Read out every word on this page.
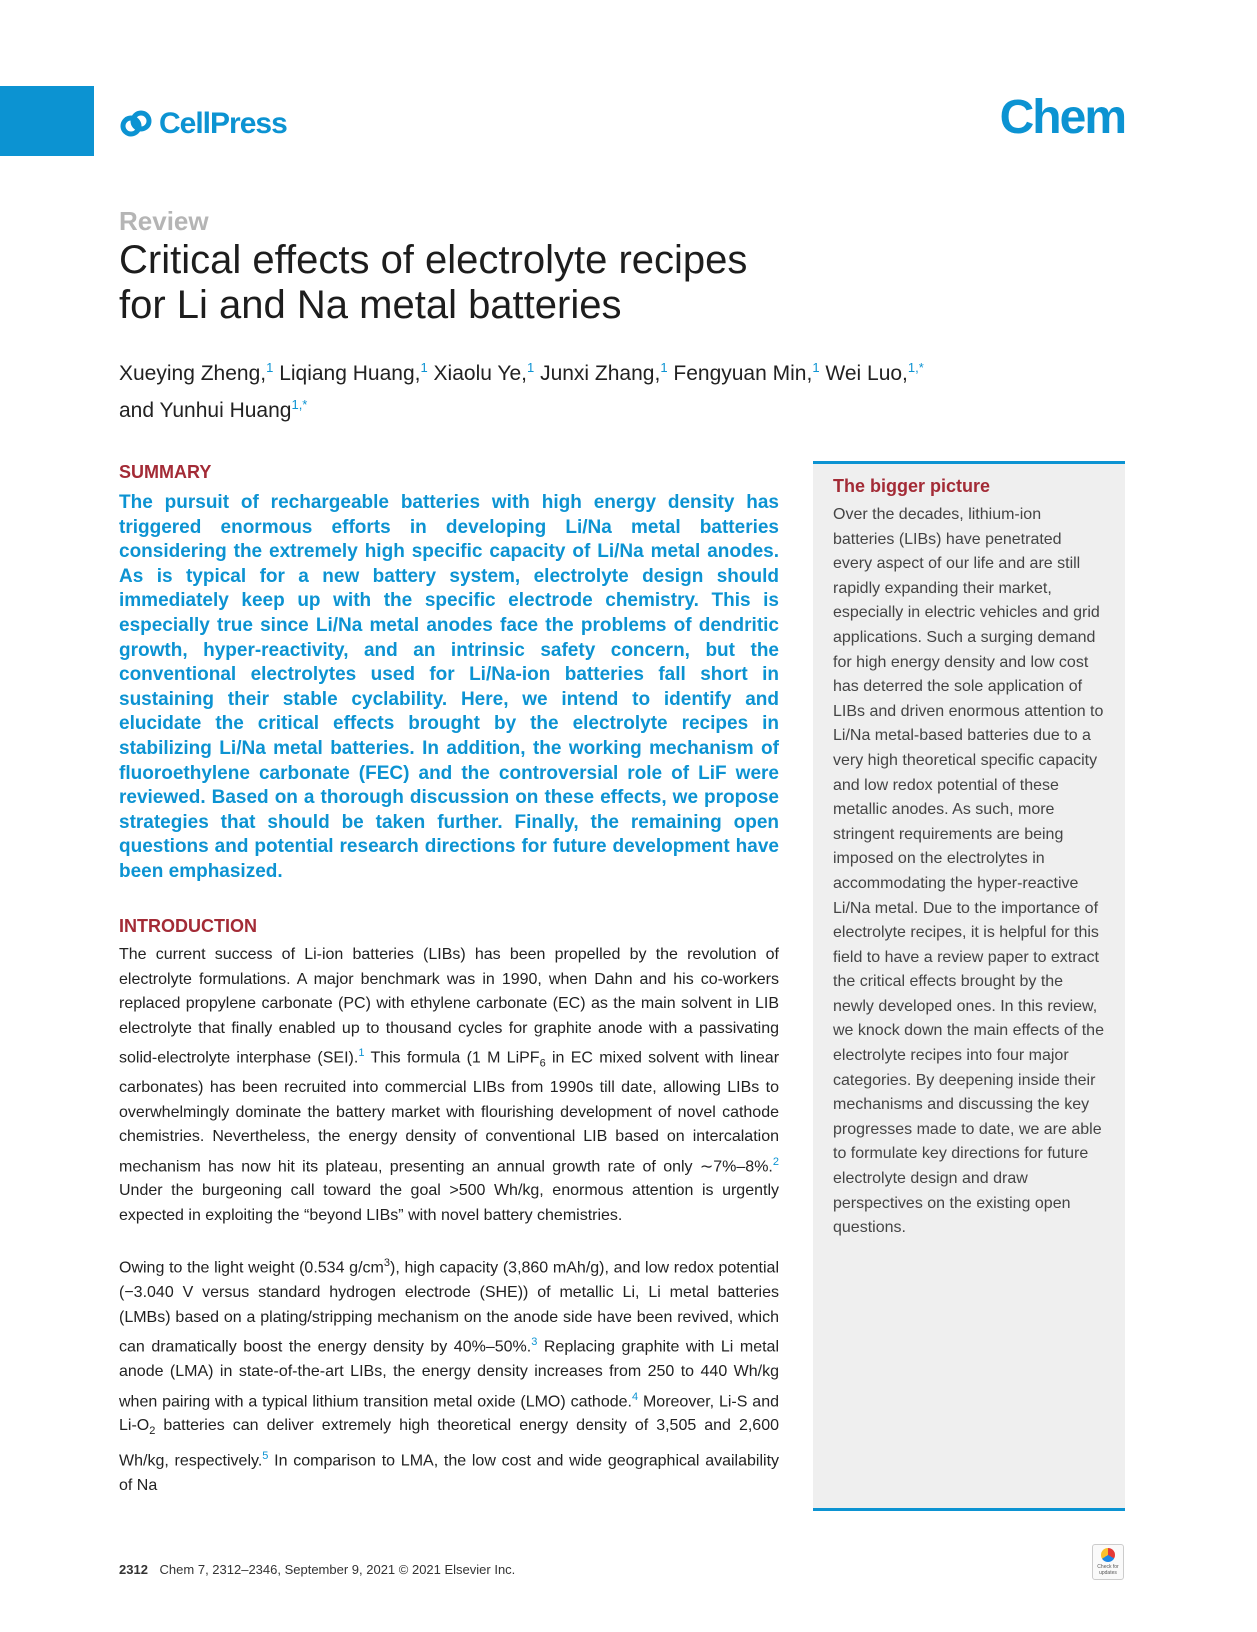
CellPress	Chem
Review
Critical effects of electrolyte recipes
for Li and Na metal batteries
Xueying Zheng,$^1$ Liqiang Huang,$^1$ Xiaolu Ye,$^1$ Junxi Zhang,$^1$ Fengyuan Min,$^1$ Wei Luo,$^{1,*}$
and Yunhui Huang$^{1,*}$
SUMMARY

The pursuit of rechargeable batteries with high energy density has triggered enormous efforts in developing Li/Na metal batteries considering the extremely high specific capacity of Li/Na metal anodes. As is typical for a new battery system, electrolyte design should immediately keep up with the specific electrode chemistry. This is especially true since Li/Na metal anodes face the problems of dendritic growth, hyper-reactivity, and an intrinsic safety concern, but the conventional electrolytes used for Li/Na-ion batteries fall short in sustaining their stable cyclability. Here, we intend to identify and elucidate the critical effects brought by the electrolyte recipes in stabilizing Li/Na metal batteries. In addition, the working mechanism of fluoroethylene carbonate (FEC) and the controversial role of LiF were reviewed. Based on a thorough discussion on these effects, we propose strategies that should be taken further. Finally, the remaining open questions and potential research directions for future development have been emphasized.

INTRODUCTION

The current success of Li-ion batteries (LIBs) has been propelled by the revolution of electrolyte formulations. A major benchmark was in 1990, when Dahn and his co-workers replaced propylene carbonate (PC) with ethylene carbonate (EC) as the main solvent in LIB electrolyte that finally enabled up to thousand cycles for graphite anode with a passivating solid-electrolyte interphase (SEI).$^1$ This formula (1 M LiPF$_6$ in EC mixed solvent with linear carbonates) has been recruited into commercial LIBs from 1990s till date, allowing LIBs to overwhelmingly dominate the battery market with flourishing development of novel cathode chemistries. Nevertheless, the energy density of conventional LIB based on intercalation mechanism has now hit its plateau, presenting an annual growth rate of only ∼7%–8%.$^2$ Under the burgeoning call toward the goal >500 Wh/kg, enormous attention is urgently expected in exploiting the “beyond LIBs” with novel battery chemistries.

Owing to the light weight (0.534 $g/cm^3$), high capacity (3,860 mAh/g), and low redox potential (−3.040 V versus standard hydrogen electrode (SHE)) of metallic Li, Li metal batteries (LMBs) based on a plating/stripping mechanism on the anode side have been revived, which can dramatically boost the energy density by 40%–50%.$^3$ Replacing graphite with Li metal anode (LMA) in state-of-the-art LIBs, the energy density increases from 250 to 440 Wh/kg when pairing with a typical lithium transition metal oxide (LMO) cathode.$^4$ Moreover, Li-S and $Li-O_2$ batteries can deliver extremely high theoretical energy density of 3,505 and 2,600 Wh/kg, respectively.$^5$ In comparison to LMA, the low cost and wide geographical availability of Na

The bigger picture

Over the decades, lithium-ion batteries (LIBs) have penetrated every aspect of our life and are still rapidly expanding their market, especially in electric vehicles and grid applications. Such a surging demand for high energy density and low cost has deterred the sole application of LIBs and driven enormous attention to Li/Na metal-based batteries due to a very high theoretical specific capacity and low redox potential of these metallic anodes. As such, more stringent requirements are being imposed on the electrolytes in accommodating the hyper-reactive Li/Na metal. Due to the importance of electrolyte recipes, it is helpful for this field to have a review paper to extract the critical effects brought by the newly developed ones. In this review, we knock down the main effects of the electrolyte recipes into four major categories. By deepening inside their mechanisms and discussing the key progresses made to date, we are able to formulate key directions for future electrolyte design and draw perspectives on the existing open questions.

2312 Chem 7, 2312–2346, September 9, 2021 © 2021 Elsevier Inc.	Check for updates
